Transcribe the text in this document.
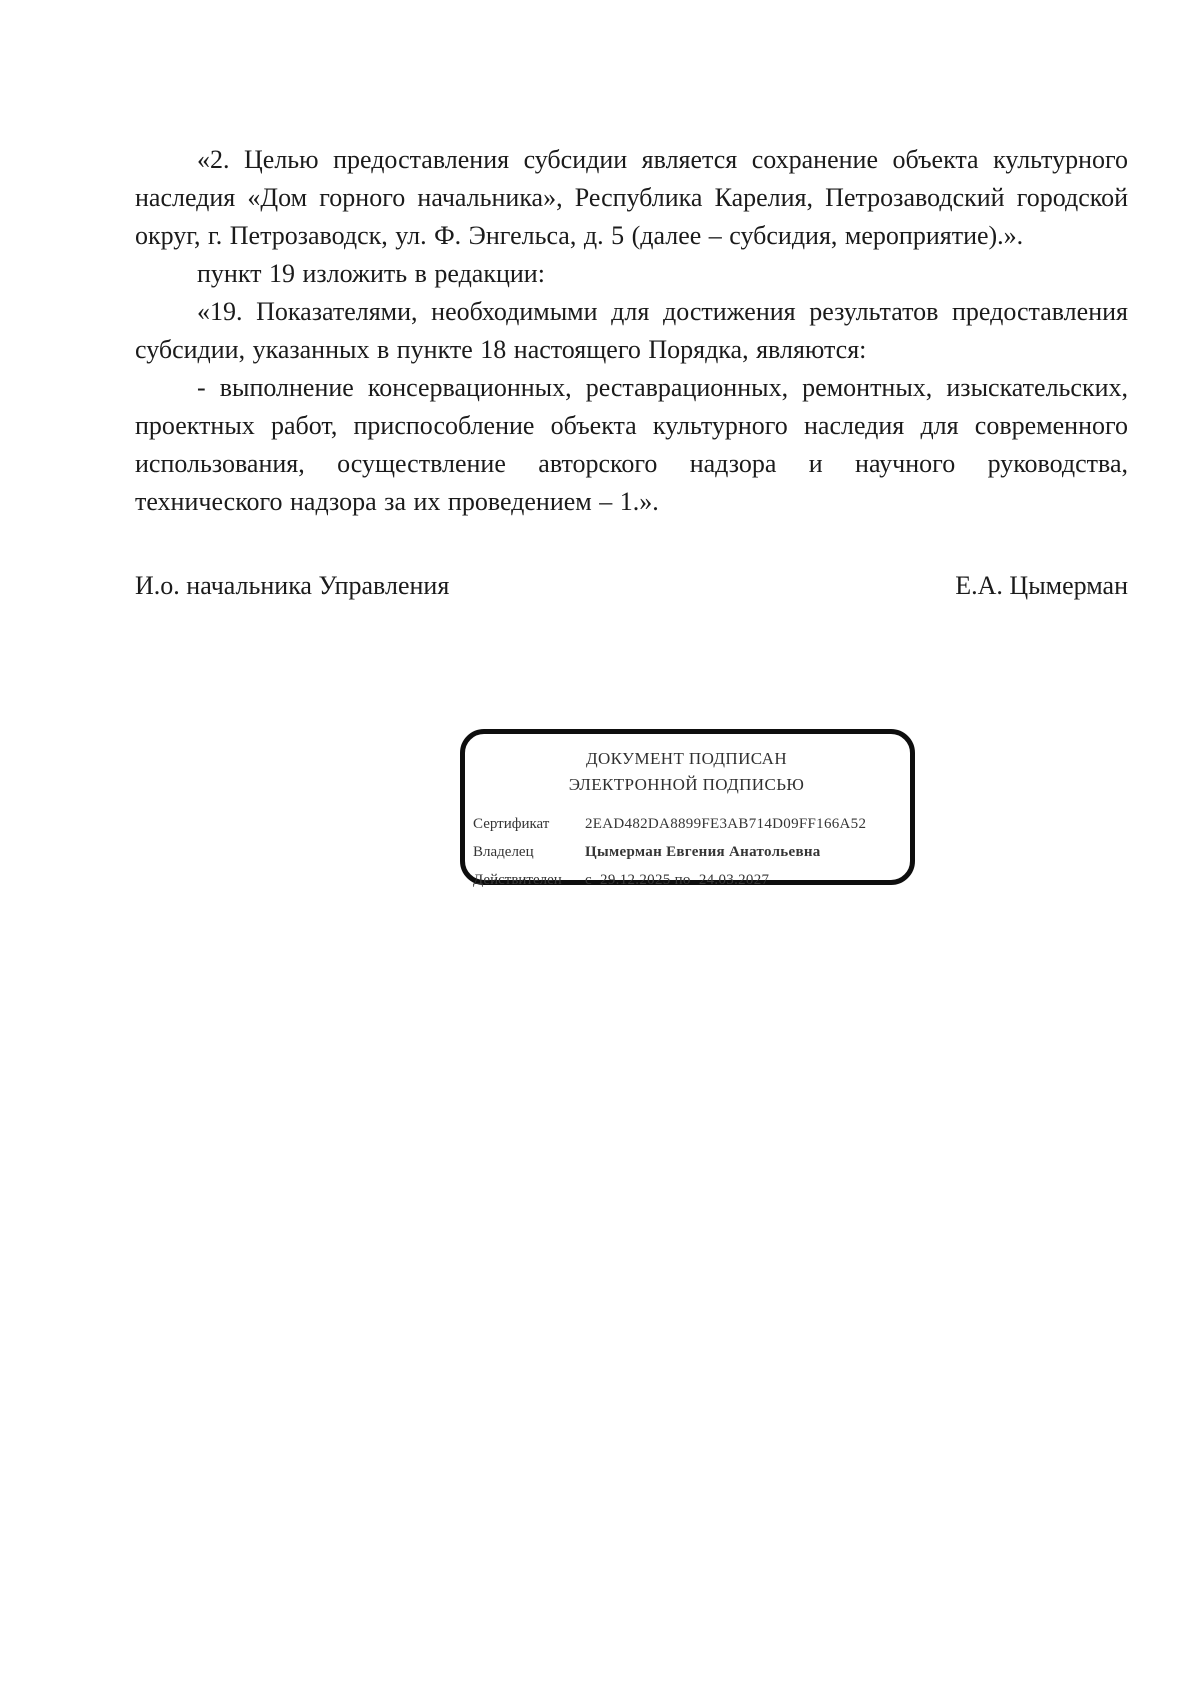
«2. Целью предоставления субсидии является сохранение объекта культурного наследия «Дом горного начальника», Республика Карелия, Петрозаводский городской округ, г. Петрозаводск, ул. Ф. Энгельса, д. 5 (далее – субсидия, мероприятие).».

пункт 19 изложить в редакции:

«19. Показателями, необходимыми для достижения результатов предоставления субсидии, указанных в пункте 18 настоящего Порядка, являются:

- выполнение консервационных, реставрационных, ремонтных, изыскательских, проектных работ, приспособление объекта культурного наследия для современного использования, осуществление авторского надзора и научного руководства, технического надзора за их проведением – 1.».

И.о. начальника Управления	Е.А. Цымерман
ДОКУМЕНТ ПОДПИСАН
ЭЛЕКТРОННОЙ ПОДПИСЬЮ
Сертификат	2EAD482DA8899FE3AB714D09FF166A52
Владелец	Цымерман Евгения Анатольевна
Действителен	с  29.12.2025 по  24.03.2027
